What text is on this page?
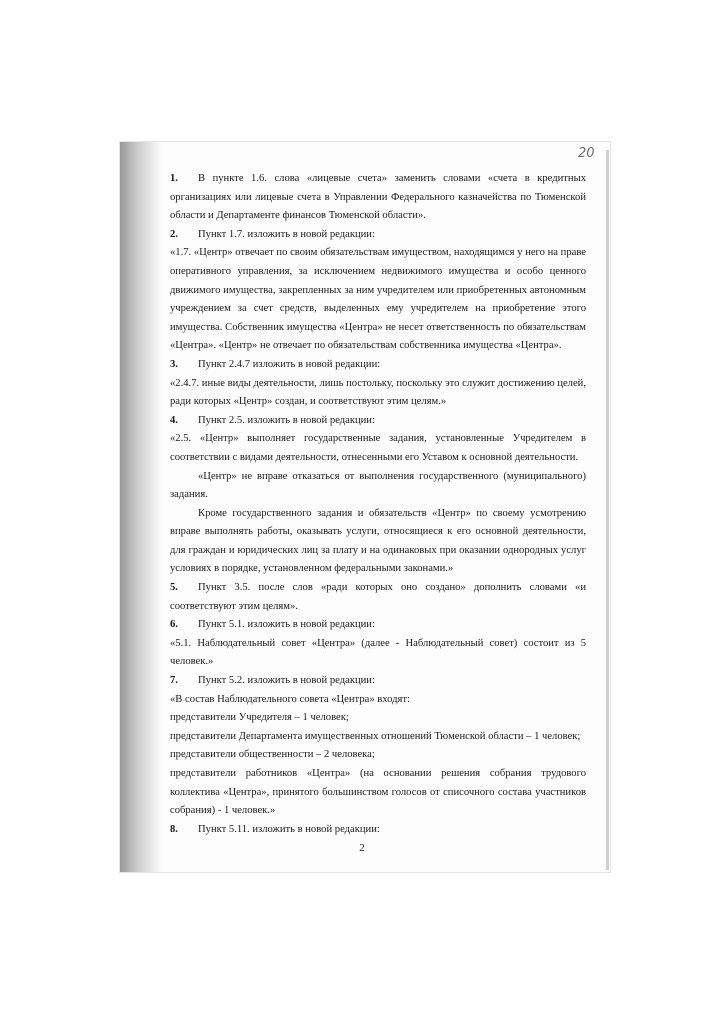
20

1. В пункте 1.6. слова «лицевые счета» заменить словами «счета в кредитных организациях или лицевые счета в Управлении Федерального казначейства по Тюменской области и Департаменте финансов Тюменской области».

2. Пункт 1.7. изложить в новой редакции:

«1.7. «Центр» отвечает по своим обязательствам имуществом, находящимся у него на праве оперативного управления, за исключением недвижимого имущества и особо ценного движимого имущества, закрепленных за ним учредителем или приобретенных автономным учреждением за счет средств, выделенных ему учредителем на приобретение этого имущества. Собственник имущества «Центра» не несет ответственность по обязательствам «Центра». «Центр» не отвечает по обязательствам собственника имущества «Центра».

3. Пункт 2.4.7 изложить в новой редакции:

«2.4.7. иные виды деятельности, лишь постольку, поскольку это служит достижению целей, ради которых «Центр» создан, и соответствуют этим целям.»

4. Пункт 2.5. изложить в новой редакции:

«2.5. «Центр» выполняет государственные задания, установленные Учредителем в соответствии с видами деятельности, отнесенными его Уставом к основной деятельности.

«Центр» не вправе отказаться от выполнения государственного (муниципального) задания.

Кроме государственного задания и обязательств «Центр» по своему усмотрению вправе выполнять работы, оказывать услуги, относящиеся к его основной деятельности, для граждан и юридических лиц за плату и на одинаковых при оказании однородных услуг условиях в порядке, установленном федеральными законами.»

5. Пункт 3.5. после слов «ради которых оно создано» дополнить словами «и соответствуют этим целям».

6. Пункт 5.1. изложить в новой редакции:

«5.1. Наблюдательный совет «Центра» (далее - Наблюдательный совет) состоит из 5 человек.»

7. Пункт 5.2. изложить в новой редакции:

«В состав Наблюдательного совета «Центра» входят:

представители Учредителя – 1 человек;

представители Департамента имущественных отношений Тюменской области – 1 человек;

представители общественности – 2 человека;

представители работников «Центра» (на основании решения собрания трудового коллектива «Центра», принятого большинством голосов от списочного состава участников собрания) - 1 человек.»

8. Пункт 5.11. изложить в новой редакции:

2
